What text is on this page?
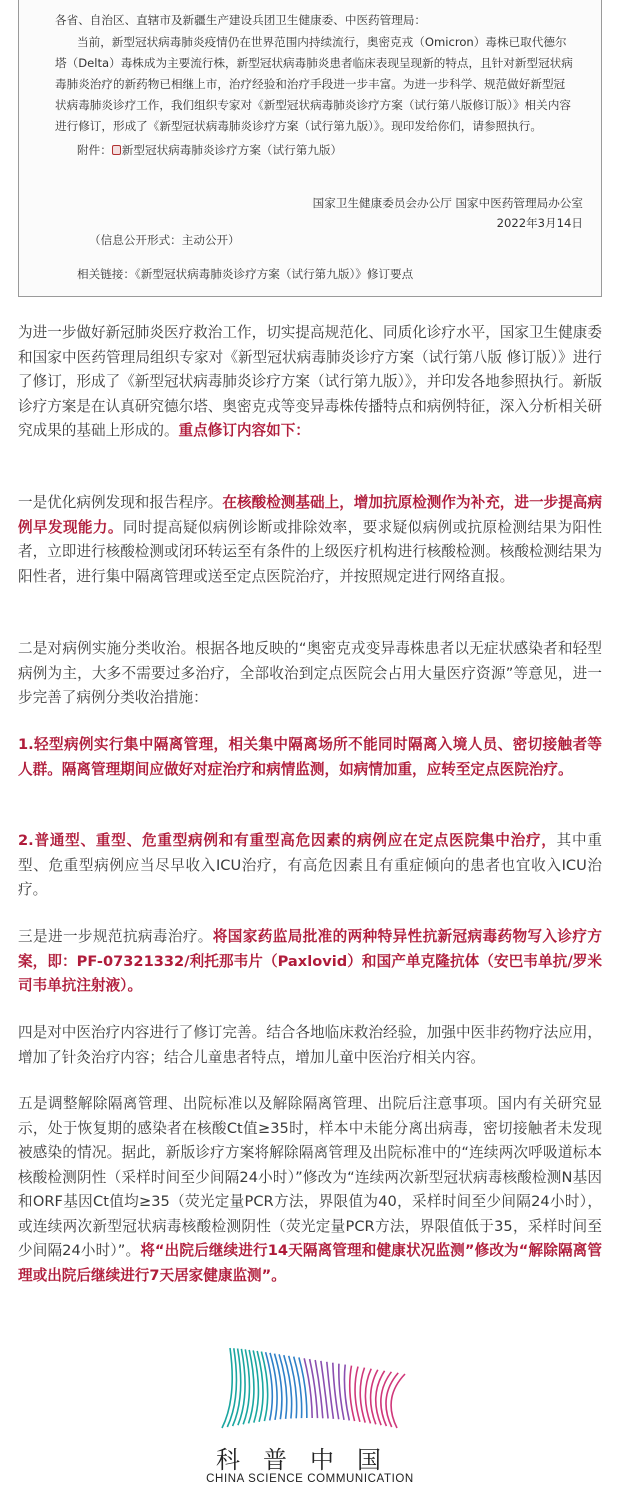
各省、自治区、直辖市及新疆生产建设兵团卫生健康委、中医药管理局：
当前，新型冠状病毒肺炎疫情仍在世界范围内持续流行，奥密克戎（Omicron）毒株已取代德尔
塔（Delta）毒株成为主要流行株，新型冠状病毒肺炎患者临床表现呈现新的特点，且针对新型冠状病
毒肺炎治疗的新药物已相继上市，治疗经验和治疗手段进一步丰富。为进一步科学、规范做好新型冠
状病毒肺炎诊疗工作，我们组织专家对《新型冠状病毒肺炎诊疗方案（试行第八版修订版）》相关内容
进行修订，形成了《新型冠状病毒肺炎诊疗方案（试行第九版）》。现印发给你们，请参照执行。
附件： 新型冠状病毒肺炎诊疗方案（试行第九版）
国家卫生健康委员会办公厅 国家中医药管理局办公室
2022年3月14日
（信息公开形式：主动公开）
相关链接：《新型冠状病毒肺炎诊疗方案（试行第九版）》修订要点

为进一步做好新冠肺炎医疗救治工作，切实提高规范化、同质化诊疗水平，国家卫生健康委和国家中医药管理局组织专家对《新型冠状病毒肺炎诊疗方案（试行第八版 修订版）》进行了修订，形成了《新型冠状病毒肺炎诊疗方案（试行第九版）》，并印发各地参照执行。新版诊疗方案是在认真研究德尔塔、奥密克戎等变异毒株传播特点和病例特征，深入分析相关研究成果的基础上形成的。重点修订内容如下：

一是优化病例发现和报告程序。在核酸检测基础上，增加抗原检测作为补充，进一步提高病例早发现能力。同时提高疑似病例诊断或排除效率，要求疑似病例或抗原检测结果为阳性者，立即进行核酸检测或闭环转运至有条件的上级医疗机构进行核酸检测。核酸检测结果为阳性者，进行集中隔离管理或送至定点医院治疗，并按照规定进行网络直报。

二是对病例实施分类收治。根据各地反映的“奥密克戎变异毒株患者以无症状感染者和轻型病例为主，大多不需要过多治疗，全部收治到定点医院会占用大量医疗资源”等意见，进一步完善了病例分类收治措施：

1.轻型病例实行集中隔离管理，相关集中隔离场所不能同时隔离入境人员、密切接触者等人群。隔离管理期间应做好对症治疗和病情监测，如病情加重，应转至定点医院治疗。

2.普通型、重型、危重型病例和有重型高危因素的病例应在定点医院集中治疗，其中重型、危重型病例应当尽早收入ICU治疗，有高危因素且有重症倾向的患者也宜收入ICU治疗。

三是进一步规范抗病毒治疗。将国家药监局批准的两种特异性抗新冠病毒药物写入诊疗方案，即：PF-07321332/利托那韦片（Paxlovid）和国产单克隆抗体（安巴韦单抗/罗米司韦单抗注射液）。

四是对中医治疗内容进行了修订完善。结合各地临床救治经验，加强中医非药物疗法应用，增加了针灸治疗内容；结合儿童患者特点，增加儿童中医治疗相关内容。

五是调整解除隔离管理、出院标准以及解除隔离管理、出院后注意事项。国内有关研究显示，处于恢复期的感染者在核酸Ct值≥35时，样本中未能分离出病毒，密切接触者未发现被感染的情况。据此，新版诊疗方案将解除隔离管理及出院标准中的“连续两次呼吸道标本核酸检测阴性（采样时间至少间隔24小时）”修改为“连续两次新型冠状病毒核酸检测N基因和ORF基因Ct值均≥35（荧光定量PCR方法，界限值为40，采样时间至少间隔24小时），或连续两次新型冠状病毒核酸检测阴性（荧光定量PCR方法，界限值低于35，采样时间至少间隔24小时）”。将“出院后继续进行14天隔离管理和健康状况监测”修改为“解除隔离管理或出院后继续进行7天居家健康监测”。

科普中国
CHINA SCIENCE COMMUNICATION
